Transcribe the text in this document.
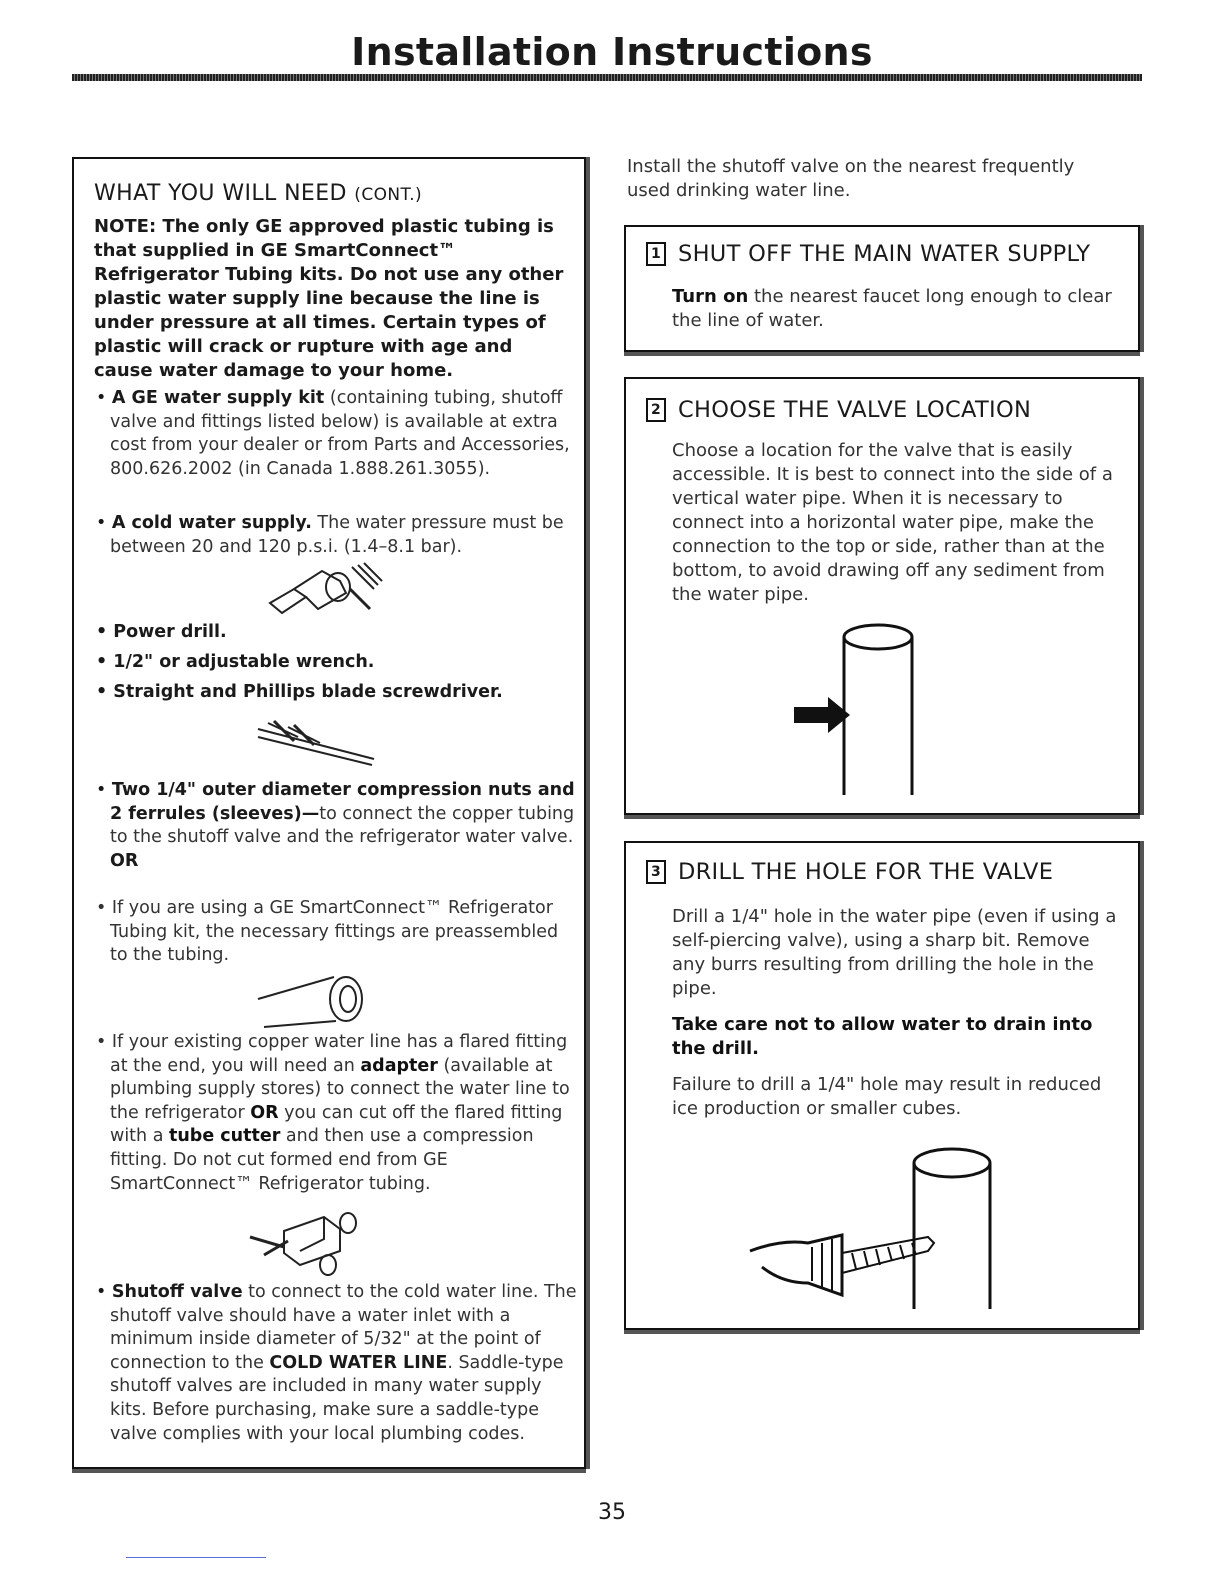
Installation Instructions
WHAT YOU WILL NEED (CONT.)
NOTE: The only GE approved plastic tubing is that supplied in GE SmartConnect™ Refrigerator Tubing kits. Do not use any other plastic water supply line because the line is under pressure at all times. Certain types of plastic will crack or rupture with age and cause water damage to your home.
• A GE water supply kit (containing tubing, shutoff valve and fittings listed below) is available at extra cost from your dealer or from Parts and Accessories, 800.626.2002 (in Canada 1.888.261.3055).
• A cold water supply. The water pressure must be between 20 and 120 p.s.i. (1.4–8.1 bar).
• Power drill.
• 1/2" or adjustable wrench.
• Straight and Phillips blade screwdriver.
• Two 1/4" outer diameter compression nuts and 2 ferrules (sleeves)—to connect the copper tubing to the shutoff valve and the refrigerator water valve.
OR
• If you are using a GE SmartConnect™ Refrigerator Tubing kit, the necessary fittings are preassembled to the tubing.
• If your existing copper water line has a flared fitting at the end, you will need an adapter (available at plumbing supply stores) to connect the water line to the refrigerator OR you can cut off the flared fitting with a tube cutter and then use a compression fitting. Do not cut formed end from GE SmartConnect™ Refrigerator tubing.
• Shutoff valve to connect to the cold water line. The shutoff valve should have a water inlet with a minimum inside diameter of 5/32" at the point of connection to the COLD WATER LINE. Saddle-type shutoff valves are included in many water supply kits. Before purchasing, make sure a saddle-type valve complies with your local plumbing codes.
Install the shutoff valve on the nearest frequently used drinking water line.
1 SHUT OFF THE MAIN WATER SUPPLY
Turn on the nearest faucet long enough to clear the line of water.
2 CHOOSE THE VALVE LOCATION
Choose a location for the valve that is easily accessible. It is best to connect into the side of a vertical water pipe. When it is necessary to connect into a horizontal water pipe, make the connection to the top or side, rather than at the bottom, to avoid drawing off any sediment from the water pipe.
3 DRILL THE HOLE FOR THE VALVE
Drill a 1/4" hole in the water pipe (even if using a self-piercing valve), using a sharp bit. Remove any burrs resulting from drilling the hole in the pipe.
Take care not to allow water to drain into the drill.
Failure to drill a 1/4" hole may result in reduced ice production or smaller cubes.
35
